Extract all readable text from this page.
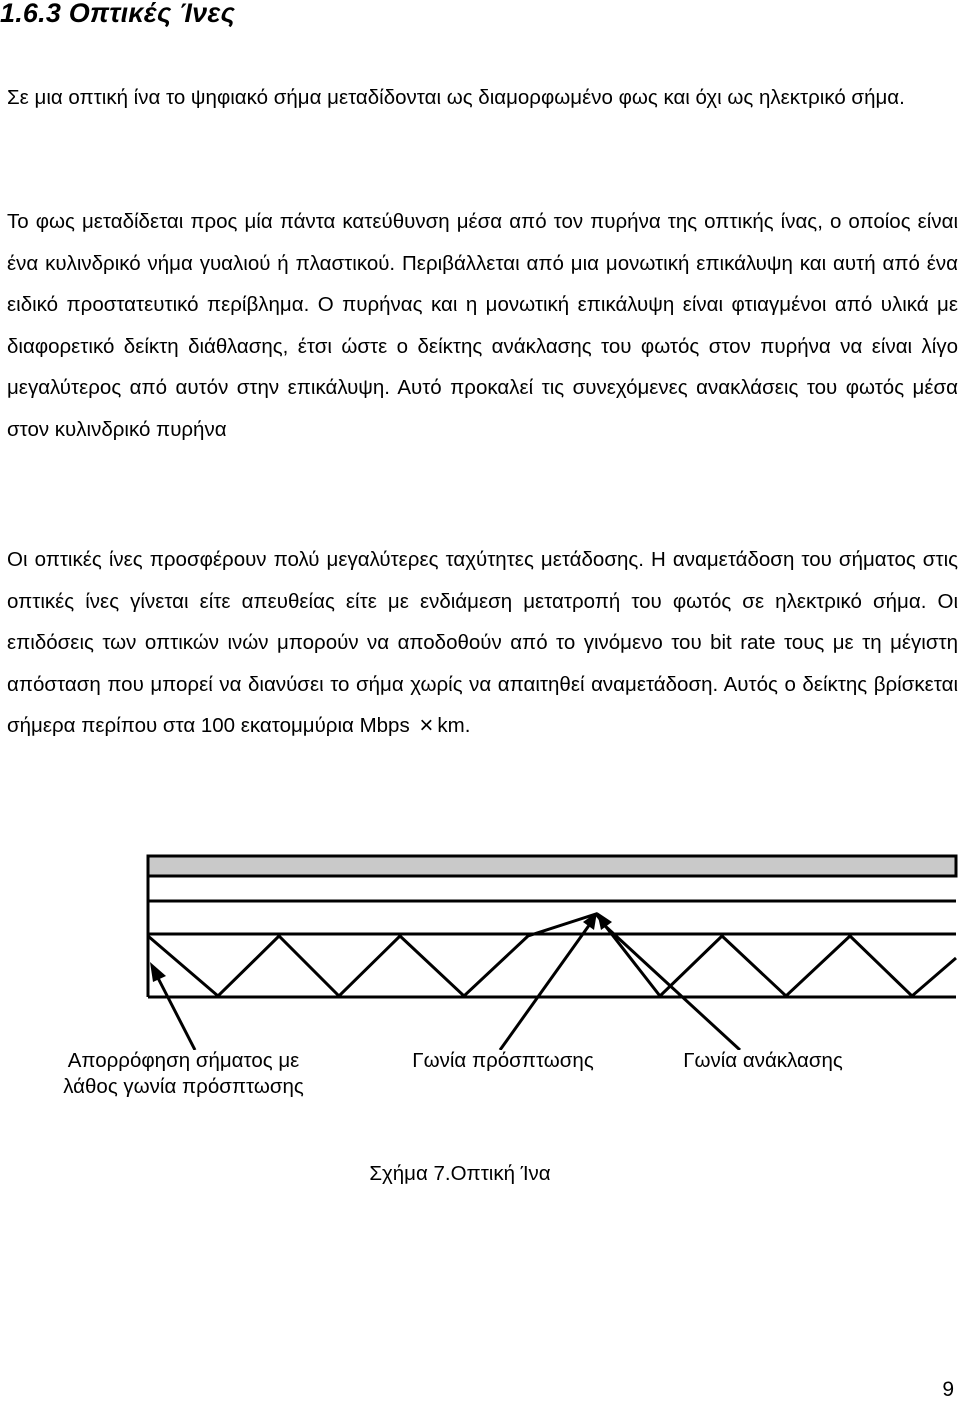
1.6.3 Οπτικές Ίνες

Σε μια οπτική ίνα το ψηφιακό σήμα μεταδίδονται ως διαμορφωμένο φως και όχι ως ηλεκτρικό σήμα.

Το φως μεταδίδεται προς μία πάντα κατεύθυνση μέσα από τον πυρήνα της οπτικής ίνας, ο οποίος είναι ένα κυλινδρικό νήμα γυαλιού ή πλαστικού. Περιβάλλεται από μια μονωτική επικάλυψη και αυτή από ένα ειδικό προστατευτικό περίβλημα. Ο πυρήνας και η μονωτική επικάλυψη είναι φτιαγμένοι από υλικά με διαφορετικό δείκτη διάθλασης, έτσι ώστε ο δείκτης ανάκλασης του φωτός στον πυρήνα να είναι λίγο μεγαλύτερος από αυτόν στην επικάλυψη. Αυτό προκαλεί τις συνεχόμενες ανακλάσεις του φωτός μέσα στον κυλινδρικό πυρήνα

Οι οπτικές ίνες προσφέρουν πολύ μεγαλύτερες ταχύτητες μετάδοσης. Η αναμετάδοση του σήματος στις οπτικές ίνες γίνεται είτε απευθείας είτε με ενδιάμεση μετατροπή του φωτός σε ηλεκτρικό σήμα. Οι επιδόσεις των οπτικών ινών μπορούν να αποδοθούν από το γινόμενο του bit rate τους με τη μέγιστη απόσταση που μπορεί να διανύσει το σήμα χωρίς να απαιτηθεί αναμετάδοση. Αυτός ο δείκτης βρίσκεται σήμερα περίπου στα 100 εκατομμύρια Mbps × km.

Απορρόφηση σήματος με λάθος γωνία πρόσπτωσης
Γωνία πρόσπτωσης	Γωνία ανάκλασης
Σχήμα 7.Οπτική Ίνα
9
